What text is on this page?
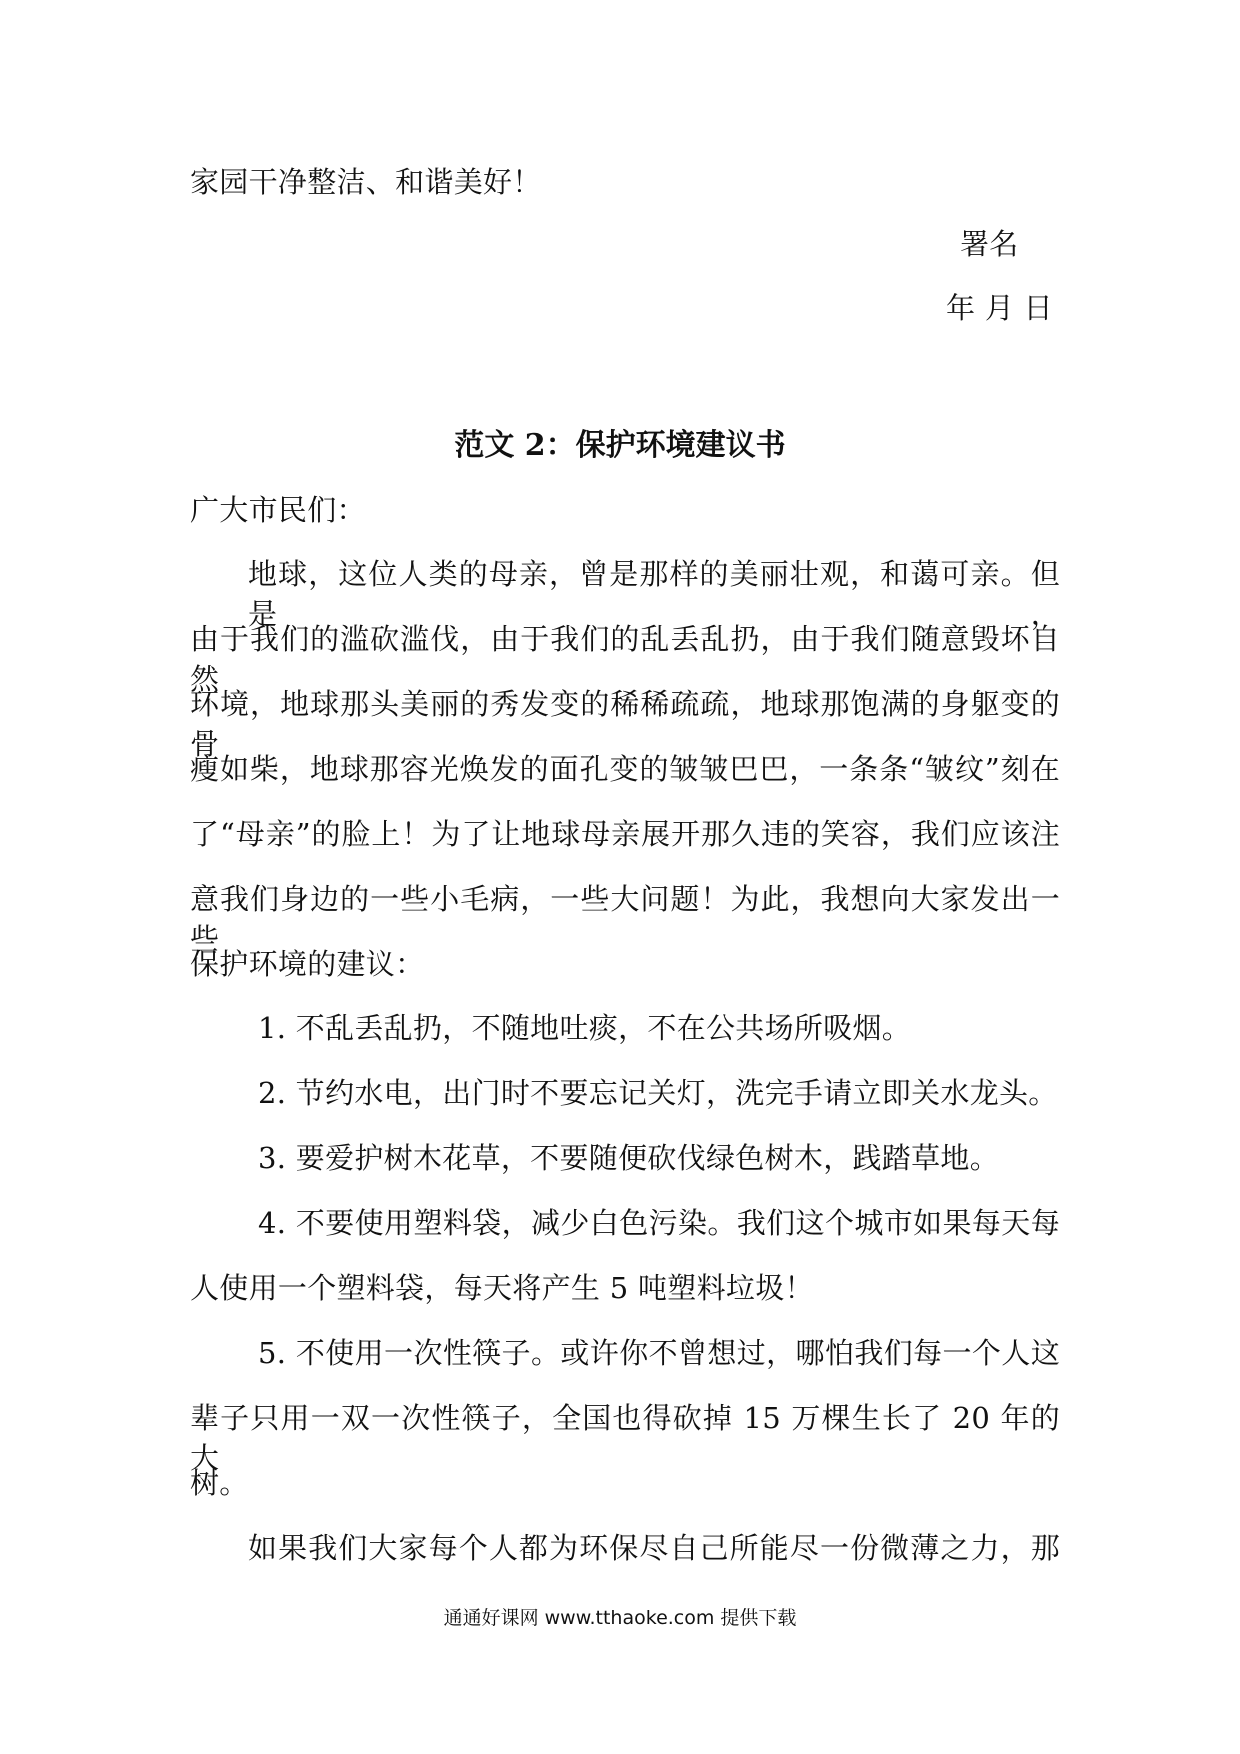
家园干净整洁、和谐美好！
署名
年 月 日
范文 2：保护环境建议书
广大市民们：
地球，这位人类的母亲，曾是那样的美丽壮观，和蔼可亲。但是，
由于我们的滥砍滥伐，由于我们的乱丢乱扔，由于我们随意毁坏自然
环境，地球那头美丽的秀发变的稀稀疏疏，地球那饱满的身躯变的骨
瘦如柴，地球那容光焕发的面孔变的皱皱巴巴，一条条“皱纹”刻在
了“母亲”的脸上！为了让地球母亲展开那久违的笑容，我们应该注
意我们身边的一些小毛病，一些大问题！为此，我想向大家发出一些
保护环境的建议：
1. 不乱丢乱扔，不随地吐痰，不在公共场所吸烟。
2. 节约水电，出门时不要忘记关灯，洗完手请立即关水龙头。
3. 要爱护树木花草，不要随便砍伐绿色树木，践踏草地。
4. 不要使用塑料袋，减少白色污染。我们这个城市如果每天每
人使用一个塑料袋，每天将产生 5 吨塑料垃圾！
5. 不使用一次性筷子。或许你不曾想过，哪怕我们每一个人这
辈子只用一双一次性筷子，全国也得砍掉 15 万棵生长了 20 年的大
树。
如果我们大家每个人都为环保尽自己所能尽一份微薄之力，那
通通好课网 www.tthaoke.com 提供下载
